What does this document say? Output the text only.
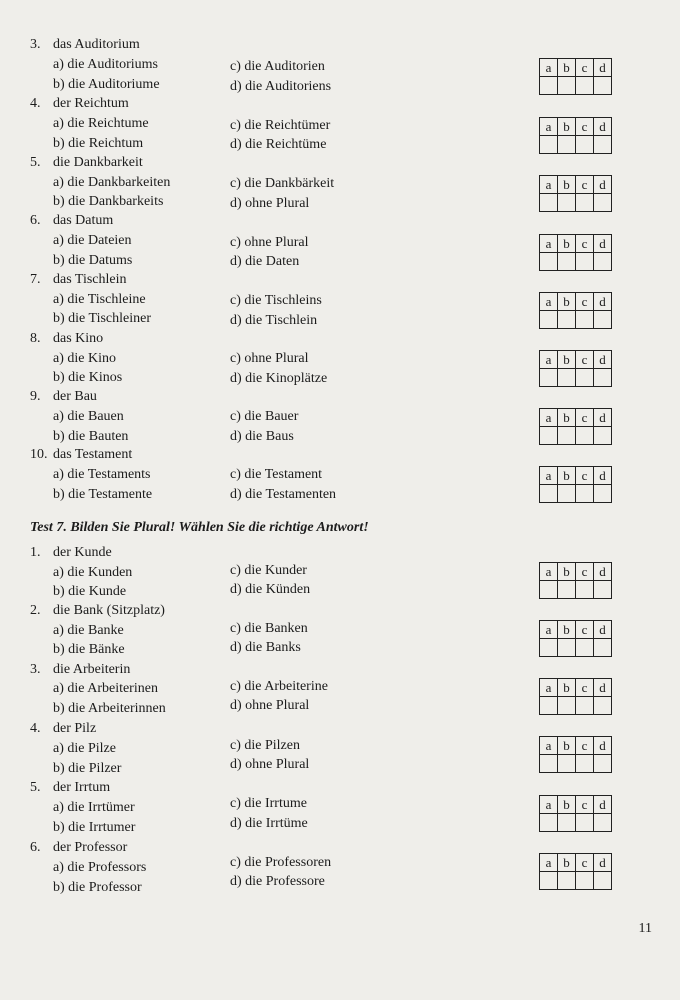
3. das Auditorium
a) die Auditoriums	c) die Auditorien
b) die Auditoriume	d) die Auditoriens
a b c d
4. der Reichtum
a) die Reichtume	c) die Reichtümer
b) die Reichtum	d) die Reichtüme
a b c d
5. die Dankbarkeit
a) die Dankbarkeiten	c) die Dankbärkeit
b) die Dankbarkeits	d) ohne Plural
a b c d
6. das Datum
a) die Dateien	c) ohne Plural
b) die Datums	d) die Daten
a b c d
7. das Tischlein
a) die Tischleine	c) die Tischleins
b) die Tischleiner	d) die Tischlein
a b c d
8. das Kino
a) die Kino	c) ohne Plural
b) die Kinos	d) die Kinoplätze
a b c d
9. der Bau
a) die Bauen	c) die Bauer
b) die Bauten	d) die Baus
a b c d
10. das Testament
a) die Testaments	c) die Testament
b) die Testamente	d) die Testamenten
a b c d
Test 7. Bilden Sie Plural! Wählen Sie die richtige Antwort!
1. der Kunde
a) die Kunden	c) die Kunder
b) die Kunde	d) die Künden
a b c d
2. die Bank (Sitzplatz)
a) die Banke	c) die Banken
b) die Bänke	d) die Banks
a b c d
3. die Arbeiterin
a) die Arbeiterinen	c) die Arbeiterine
b) die Arbeiterinnen	d) ohne Plural
a b c d
4. der Pilz
a) die Pilze	c) die Pilzen
b) die Pilzer	d) ohne Plural
a b c d
5. der Irrtum
a) die Irrtümer	c) die Irrtume
b) die Irrtumer	d) die Irrtüme
a b c d
6. der Professor
a) die Professors	c) die Professoren
b) die Professor	d) die Professore
a b c d
11
